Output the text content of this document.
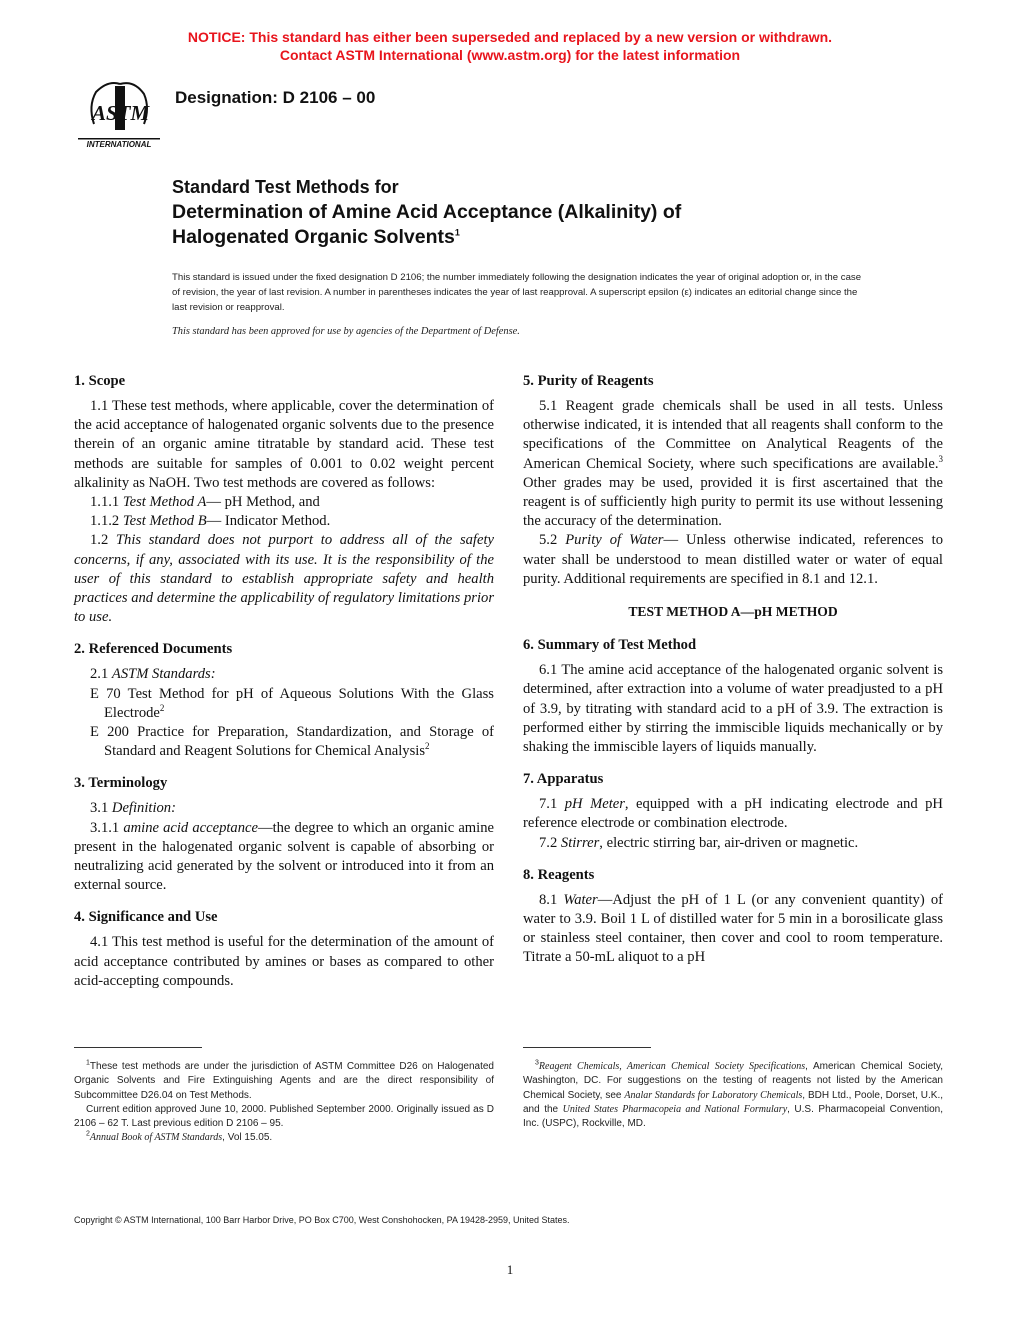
NOTICE: This standard has either been superseded and replaced by a new version or withdrawn.
Contact ASTM International (www.astm.org) for the latest information
ASTM
INTERNATIONAL
Designation: D 2106 – 00
Standard Test Methods for
Determination of Amine Acid Acceptance (Alkalinity) of
Halogenated Organic Solvents$^1$
This standard is issued under the fixed designation D 2106; the number immediately following the designation indicates the year of original adoption or, in the case of revision, the year of last revision. A number in parentheses indicates the year of last reapproval. A superscript epsilon (ε) indicates an editorial change since the last revision or reapproval.
This standard has been approved for use by agencies of the Department of Defense.
1. Scope

1.1 These test methods, where applicable, cover the determination of the acid acceptance of halogenated organic solvents due to the presence therein of an organic amine titratable by standard acid. These test methods are suitable for samples of 0.001 to 0.02 weight percent alkalinity as NaOH. Two test methods are covered as follows:

1.1.1 Test Method A— pH Method, and

1.1.2 Test Method B— Indicator Method.

1.2 This standard does not purport to address all of the safety concerns, if any, associated with its use. It is the responsibility of the user of this standard to establish appropriate safety and health practices and determine the applicability of regulatory limitations prior to use.

2. Referenced Documents

2.1 ASTM Standards:

E 70 Test Method for pH of Aqueous Solutions With the Glass Electrode$^2$

E 200 Practice for Preparation, Standardization, and Storage of Standard and Reagent Solutions for Chemical Analysis$^2$

3. Terminology

3.1 Definition:

3.1.1 amine acid acceptance—the degree to which an organic amine present in the halogenated organic solvent is capable of absorbing or neutralizing acid generated by the solvent or introduced into it from an external source.

4. Significance and Use

4.1 This test method is useful for the determination of the amount of acid acceptance contributed by amines or bases as compared to other acid-accepting compounds.

5. Purity of Reagents

5.1 Reagent grade chemicals shall be used in all tests. Unless otherwise indicated, it is intended that all reagents shall conform to the specifications of the Committee on Analytical Reagents of the American Chemical Society, where such specifications are available.$^3$ Other grades may be used, provided it is first ascertained that the reagent is of sufficiently high purity to permit its use without lessening the accuracy of the determination.

5.2 Purity of Water— Unless otherwise indicated, references to water shall be understood to mean distilled water or water of equal purity. Additional requirements are specified in 8.1 and 12.1.

TEST METHOD A—pH METHOD
6. Summary of Test Method

6.1 The amine acid acceptance of the halogenated organic solvent is determined, after extraction into a volume of water preadjusted to a pH of 3.9, by titrating with standard acid to a pH of 3.9. The extraction is performed either by stirring the immiscible liquids mechanically or by shaking the immiscible layers of liquids manually.

7. Apparatus

7.1 pH Meter, equipped with a pH indicating electrode and pH reference electrode or combination electrode.

7.2 Stirrer, electric stirring bar, air-driven or magnetic.

8. Reagents

8.1 Water—Adjust the pH of 1 L (or any convenient quantity) of water to 3.9. Boil 1 L of distilled water for 5 min in a borosilicate glass or stainless steel container, then cover and cool to room temperature. Titrate a 50-mL aliquot to a pH

$^1$These test methods are under the jurisdiction of ASTM Committee D26 on Halogenated Organic Solvents and Fire Extinguishing Agents and are the direct responsibility of Subcommittee D26.04 on Test Methods.

Current edition approved June 10, 2000. Published September 2000. Originally issued as D 2106 – 62 T. Last previous edition D 2106 – 95.

$^2$Annual Book of ASTM Standards, Vol 15.05.

$^3$Reagent Chemicals, American Chemical Society Specifications, American Chemical Society, Washington, DC. For suggestions on the testing of reagents not listed by the American Chemical Society, see Analar Standards for Laboratory Chemicals, BDH Ltd., Poole, Dorset, U.K., and the United States Pharmacopeia and National Formulary, U.S. Pharmacopeial Convention, Inc. (USPC), Rockville, MD.

Copyright © ASTM International, 100 Barr Harbor Drive, PO Box C700, West Conshohocken, PA 19428-2959, United States.
1
